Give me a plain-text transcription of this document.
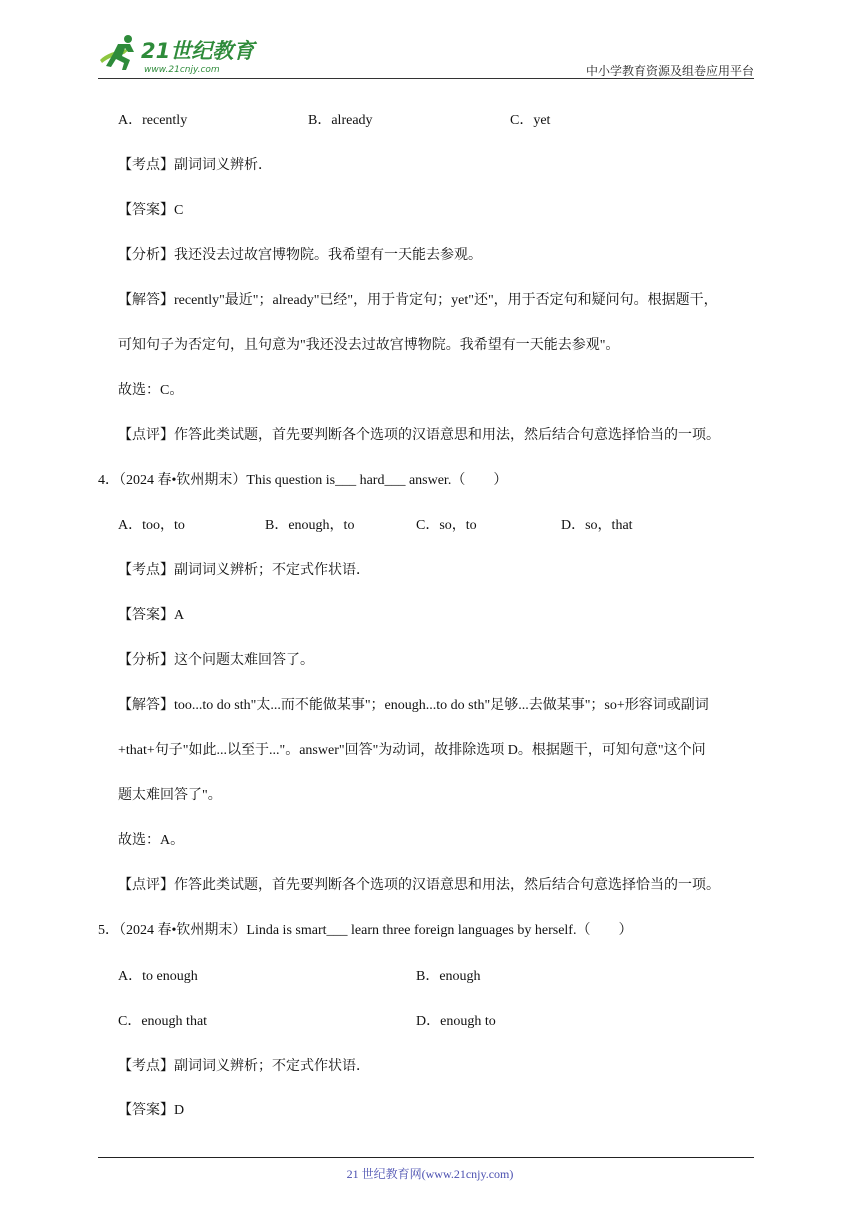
21世纪教育
www.21cnjy.com	中小学教育资源及组卷应用平台
A．recently	B．already	C．yet
【考点】副词词义辨析．
【答案】C
【分析】我还没去过故宫博物院。我希望有一天能去参观。
【解答】recently"最近"；already"已经"，用于肯定句；yet"还"，用于否定句和疑问句。根据题干，
可知句子为否定句，且句意为"我还没去过故宫博物院。我希望有一天能去参观"。
故选：C。
【点评】作答此类试题，首先要判断各个选项的汉语意思和用法，然后结合句意选择恰当的一项。
4．（2024 春•钦州期末）This question is___ hard___ answer.（　　）
A．too，to	B．enough，to	C．so，to	D．so，that
【考点】副词词义辨析；不定式作状语．
【答案】A
【分析】这个问题太难回答了。
【解答】too...to do sth"太...而不能做某事"；enough...to do sth"足够...去做某事"；so+形容词或副词
+that+句子"如此...以至于..."。answer"回答"为动词，故排除选项 D。根据题干，可知句意"这个问
题太难回答了"。
故选：A。
【点评】作答此类试题，首先要判断各个选项的汉语意思和用法，然后结合句意选择恰当的一项。
5．（2024 春•钦州期末）Linda is smart___ learn three foreign languages by herself.（　　）
A．to enough	B．enough
C．enough that	D．enough to
【考点】副词词义辨析；不定式作状语．
【答案】D
21 世纪教育网(www.21cnjy.com)
